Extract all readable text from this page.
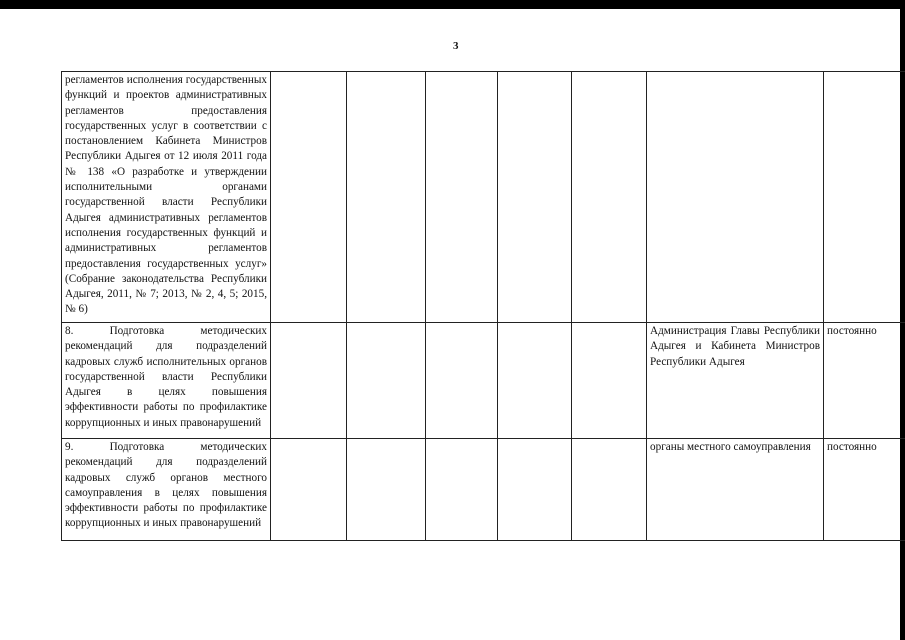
3
регламентов исполнения государственных функций и проектов административных регламентов предоставления государственных услуг в соответствии с постановлением Кабинета Министров Республики Адыгея от 12 июля 2011 года № 138 «О разработке и утверждении исполнительными органами государственной власти Республики Адыгея административных регламентов исполнения государственных функций и административных регламентов предоставления государственных услуг» (Собрание законодательства Республики Адыгея, 2011, № 7; 2013, № 2, 4, 5; 2015, № 6)							

8. Подготовка методических рекомендаций для подразделений кадровых служб исполнительных органов государственной власти Республики Адыгея в целях повышения эффективности работы по профилактике коррупционных и иных правонарушений						Администрация Главы Республики Адыгея и Кабинета Министров Республики Адыгея	постоянно

9. Подготовка методических рекомендаций для подразделений кадровых служб органов местного самоуправления в целях повышения эффективности работы по профилактике коррупционных и иных правонарушений						органы местного самоуправления	постоянно
